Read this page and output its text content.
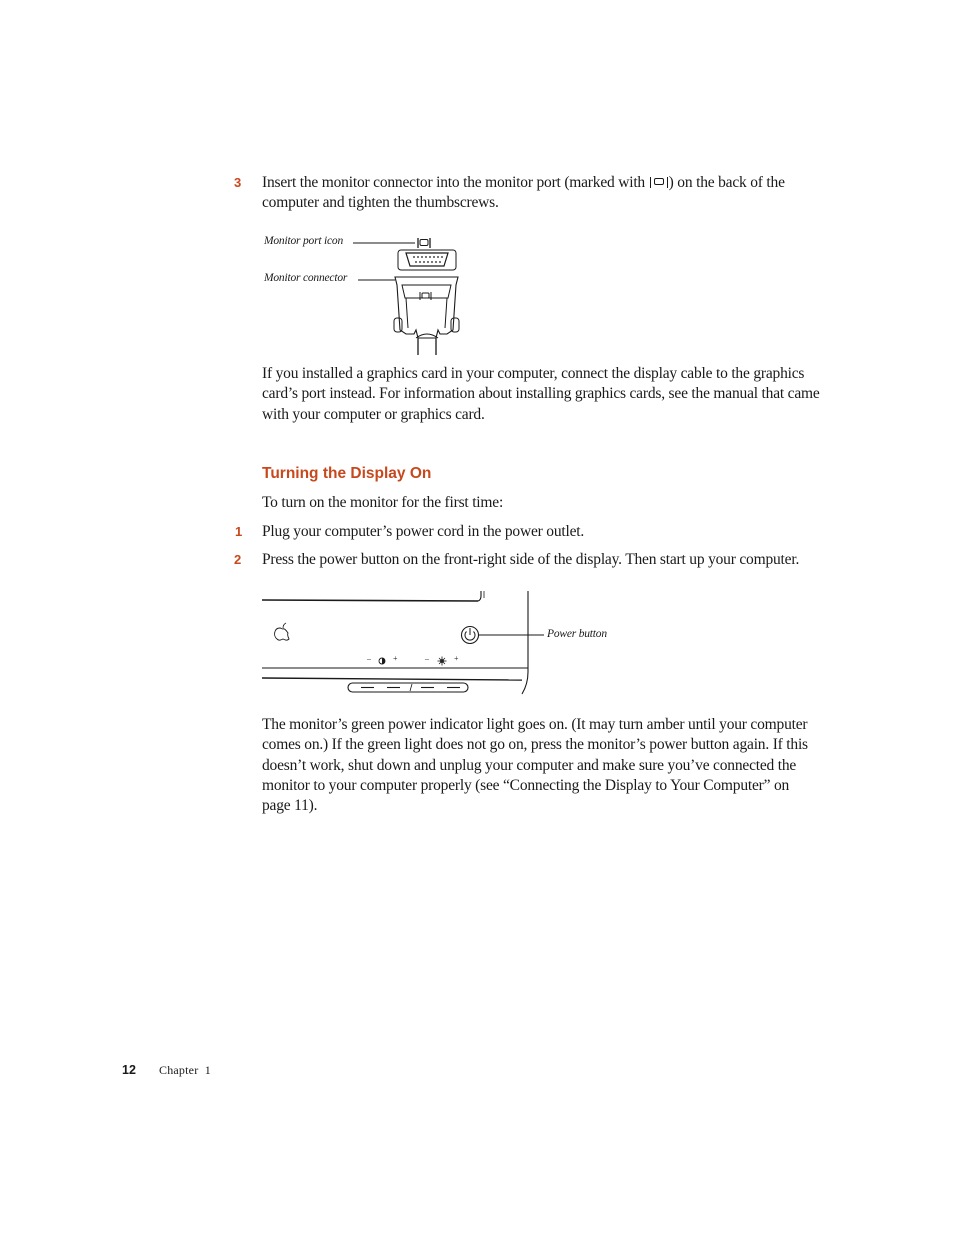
3 Insert the monitor connector into the monitor port (marked with
) on the back of the
computer and tighten the thumbscrews.
Monitor port icon
Monitor connector
If you installed a graphics card in your computer, connect the display cable to the graphics
card’s port instead. For information about installing graphics cards, see the manual that came
with your computer or graphics card.
Turning the Display On
To turn on the monitor for the first time:
1 Plug your computer’s power cord in the power outlet.
2 Press the power button on the front-right side of the display. Then start up your computer.
–	+	–	+
Power button
The monitor’s green power indicator light goes on. (It may turn amber until your computer
comes on.) If the green light does not go on, press the monitor’s power button again. If this
doesn’t work, shut down and unplug your computer and make sure you’ve connected the
monitor to your computer properly (see “Connecting the Display to Your Computer” on
page 11).
12 Chapter  1
